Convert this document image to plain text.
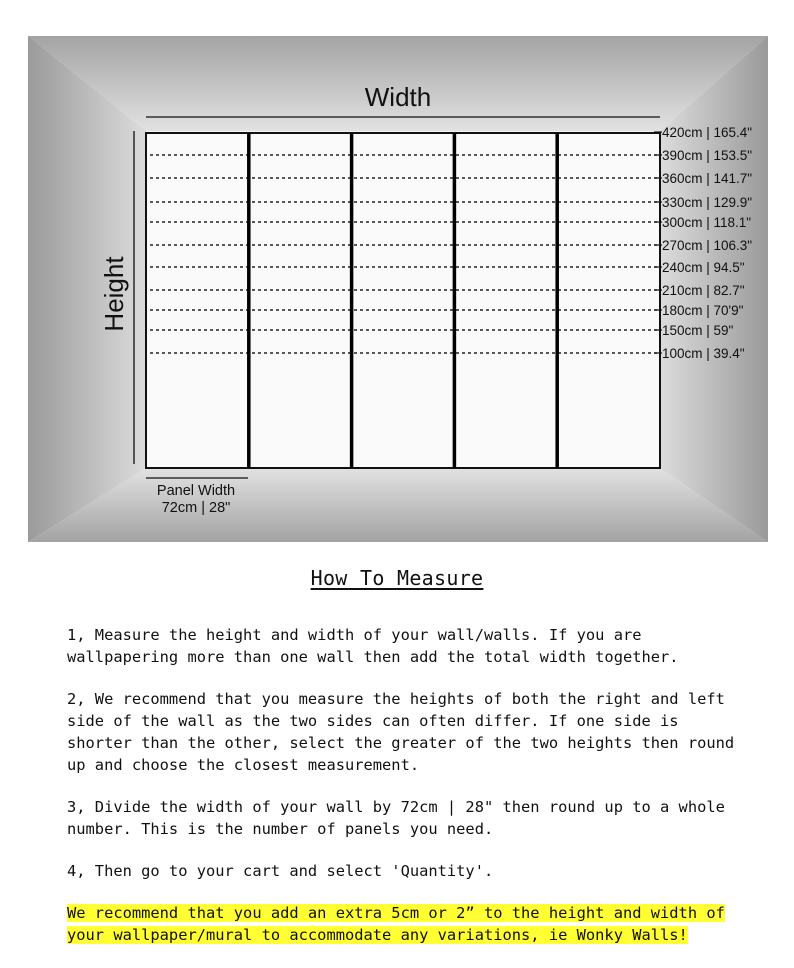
Width
Height
420cm | 165.4"
390cm | 153.5"
360cm | 141.7"
330cm | 129.9"
300cm | 118.1"
270cm | 106.3"
240cm | 94.5"
210cm | 82.7"
180cm | 70'9"
150cm | 59"
100cm | 39.4"
Panel Width
72cm | 28"
How To Measure

1, Measure the height and width of your wall/walls. If you are
wallpapering more than one wall then add the total width together.

2, We recommend that you measure the heights of both the right and left
side of the wall as the two sides can often differ. If one side is
shorter than the other, select the greater of the two heights then round
up and choose the closest measurement.

3, Divide the width of your wall by 72cm | 28" then round up to a whole
number. This is the number of panels you need.

4, Then go to your cart and select 'Quantity'.

We recommend that you add an extra 5cm or 2” to the height and width of
your wallpaper/mural to accommodate any variations, ie Wonky Walls!
